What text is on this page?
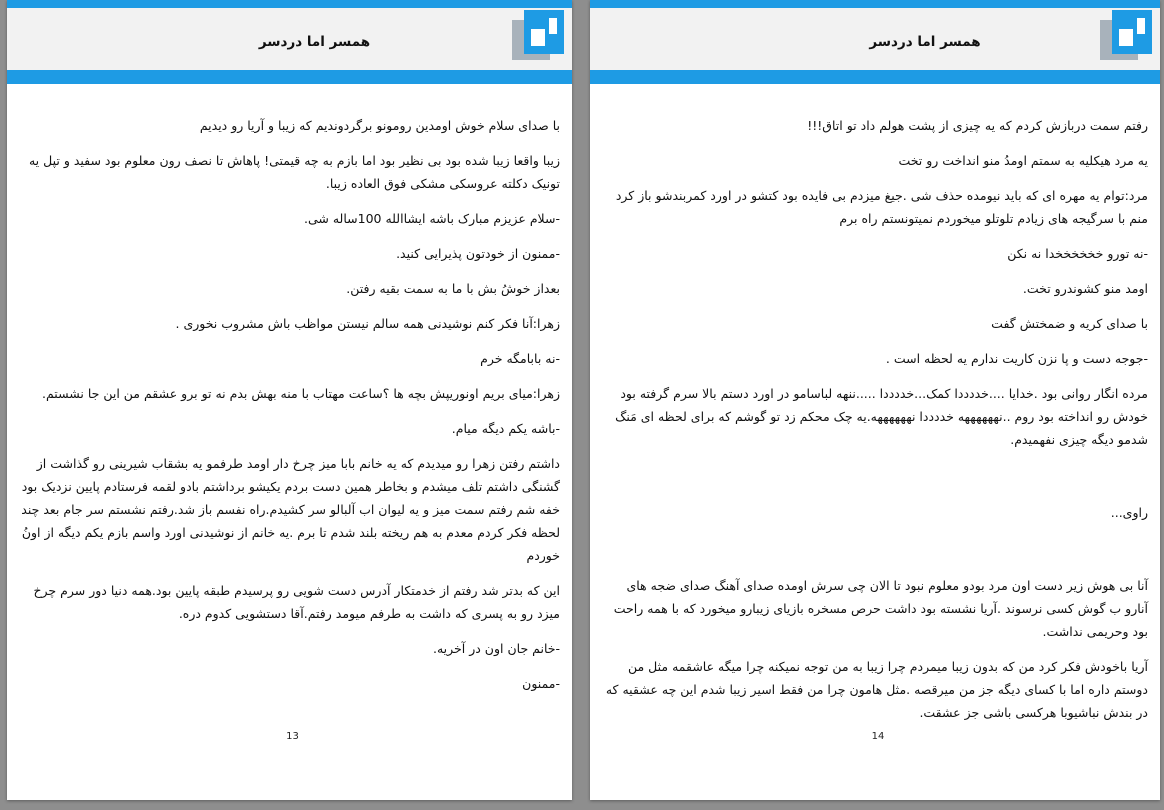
همسر اما دردسر

با صدای سلام خوش اومدین رومونو برگردوندیم که زیبا و آریا رو دیدیم

زیبا واقعا زیبا شده بود بی نظیر بود اما بازم به چه قیمتی! پاهاش تا نصف رون معلوم بود سفید و تپل یه تونیک دکلته عروسکی مشکی فوق العاده زیبا.

-سلام عزیزم مبارک باشه ایشاالله 100ساله شی.

-ممنون از خودتون پذیرایی کنید.

بعداز خوشُ بش با ما به سمت بقیه رفتن.

زهرا:آنا فکر کنم نوشیدنی همه سالم نیستن مواظب باش مشروب نخوری .

-نه بابامگه خرم

زهرا:میای بریم اونوریپش بچه ها ؟ساعت مهتاب با منه بهش بدم نه تو برو عشقم من این جا نشستم.

-باشه یکم دیگه میام.

داشتم رفتن زهرا رو میدیدم که یه خانم بابا میز چرخ دار اومد طرفمو یه بشقاب شیرینی رو گذاشت از گشنگی داشتم تلف میشدم و بخاطر همین دست بردم یکیشو برداشتم بادو لقمه فرستادم پایین نزدیک بود خفه شم رفتم سمت میز و یه لیوان اب آلبالو سر کشیدم.راه نفسم باز شد.رفتم نشستم سر جام بعد چند لحظه فکر کردم معدم به هم ریخته بلند شدم تا برم .یه خانم از نوشیدنی اورد واسم بازم یکم دیگه از اونُ خوردم

این که بدتر شد رفتم از خدمتکار آدرس دست شویی رو پرسیدم طبقه پایین بود.همه دنیا دور سرم چرخ میزد رو به پسری که داشت به طرفم میومد رفتم.آقا دستشویی کدوم دره.

-خانم جان اون در آخریه.

-ممنون

13
همسر اما دردسر

رفتم سمت دربازش کردم که یه چیزی از پشت هولم داد تو اتاق!!!

یه مرد هیکلیه به سمتم اومدُ منو انداخت رو تخت

مرد:توام یه مهره ای که باید نیومده حذف شی .جیغ میزدم بی فایده بود کتشو در اورد کمربندشو باز کرد منم با سرگیجه های زیادم تلوتلو میخوردم نمیتونستم راه برم

-نه تورو خخخخخخدا نه نکن

اومد منو کشوندرو تخت.

با صدای کریه و ضمختش گفت

-جوجه دست و پا نزن کاریت ندارم یه لحظه است .

مرده انگار روانی بود .خدایا ....خددددا کمک...خددددا .....ننهه لباسامو در اورد دستم بالا سرم گرفته بود خودش رو انداخته بود روم ..نههههههه خددددا نههههههه.یه چک محکم زد تو گوشم که برای لحظه ای مَنگ شدمو دیگه چیزی نفهمیدم.

راوی...

آنا بی هوش زیر دست اون مرد بودو معلوم نبود تا الان چی سرش اومده صدای آهنگ صدای ضجه های آنارو ب گوش کسی نرسوند .آریا نشسته بود داشت حرص مسخره بازیای زیبارو میخورد که با همه راحت بود وحریمی نداشت.

آریا باخودش فکر کرد من که بدون زیبا میمردم چرا زیبا به من توجه نمیکنه چرا میگه عاشقمه مثل من دوستم داره اما با کسای دیگه جز من میرقصه .مثل هامون چرا من فقط اسیر زیبا شدم این چه عشقیه که در بندش نباشیوبا هرکسی باشی جز عشقت.

14
